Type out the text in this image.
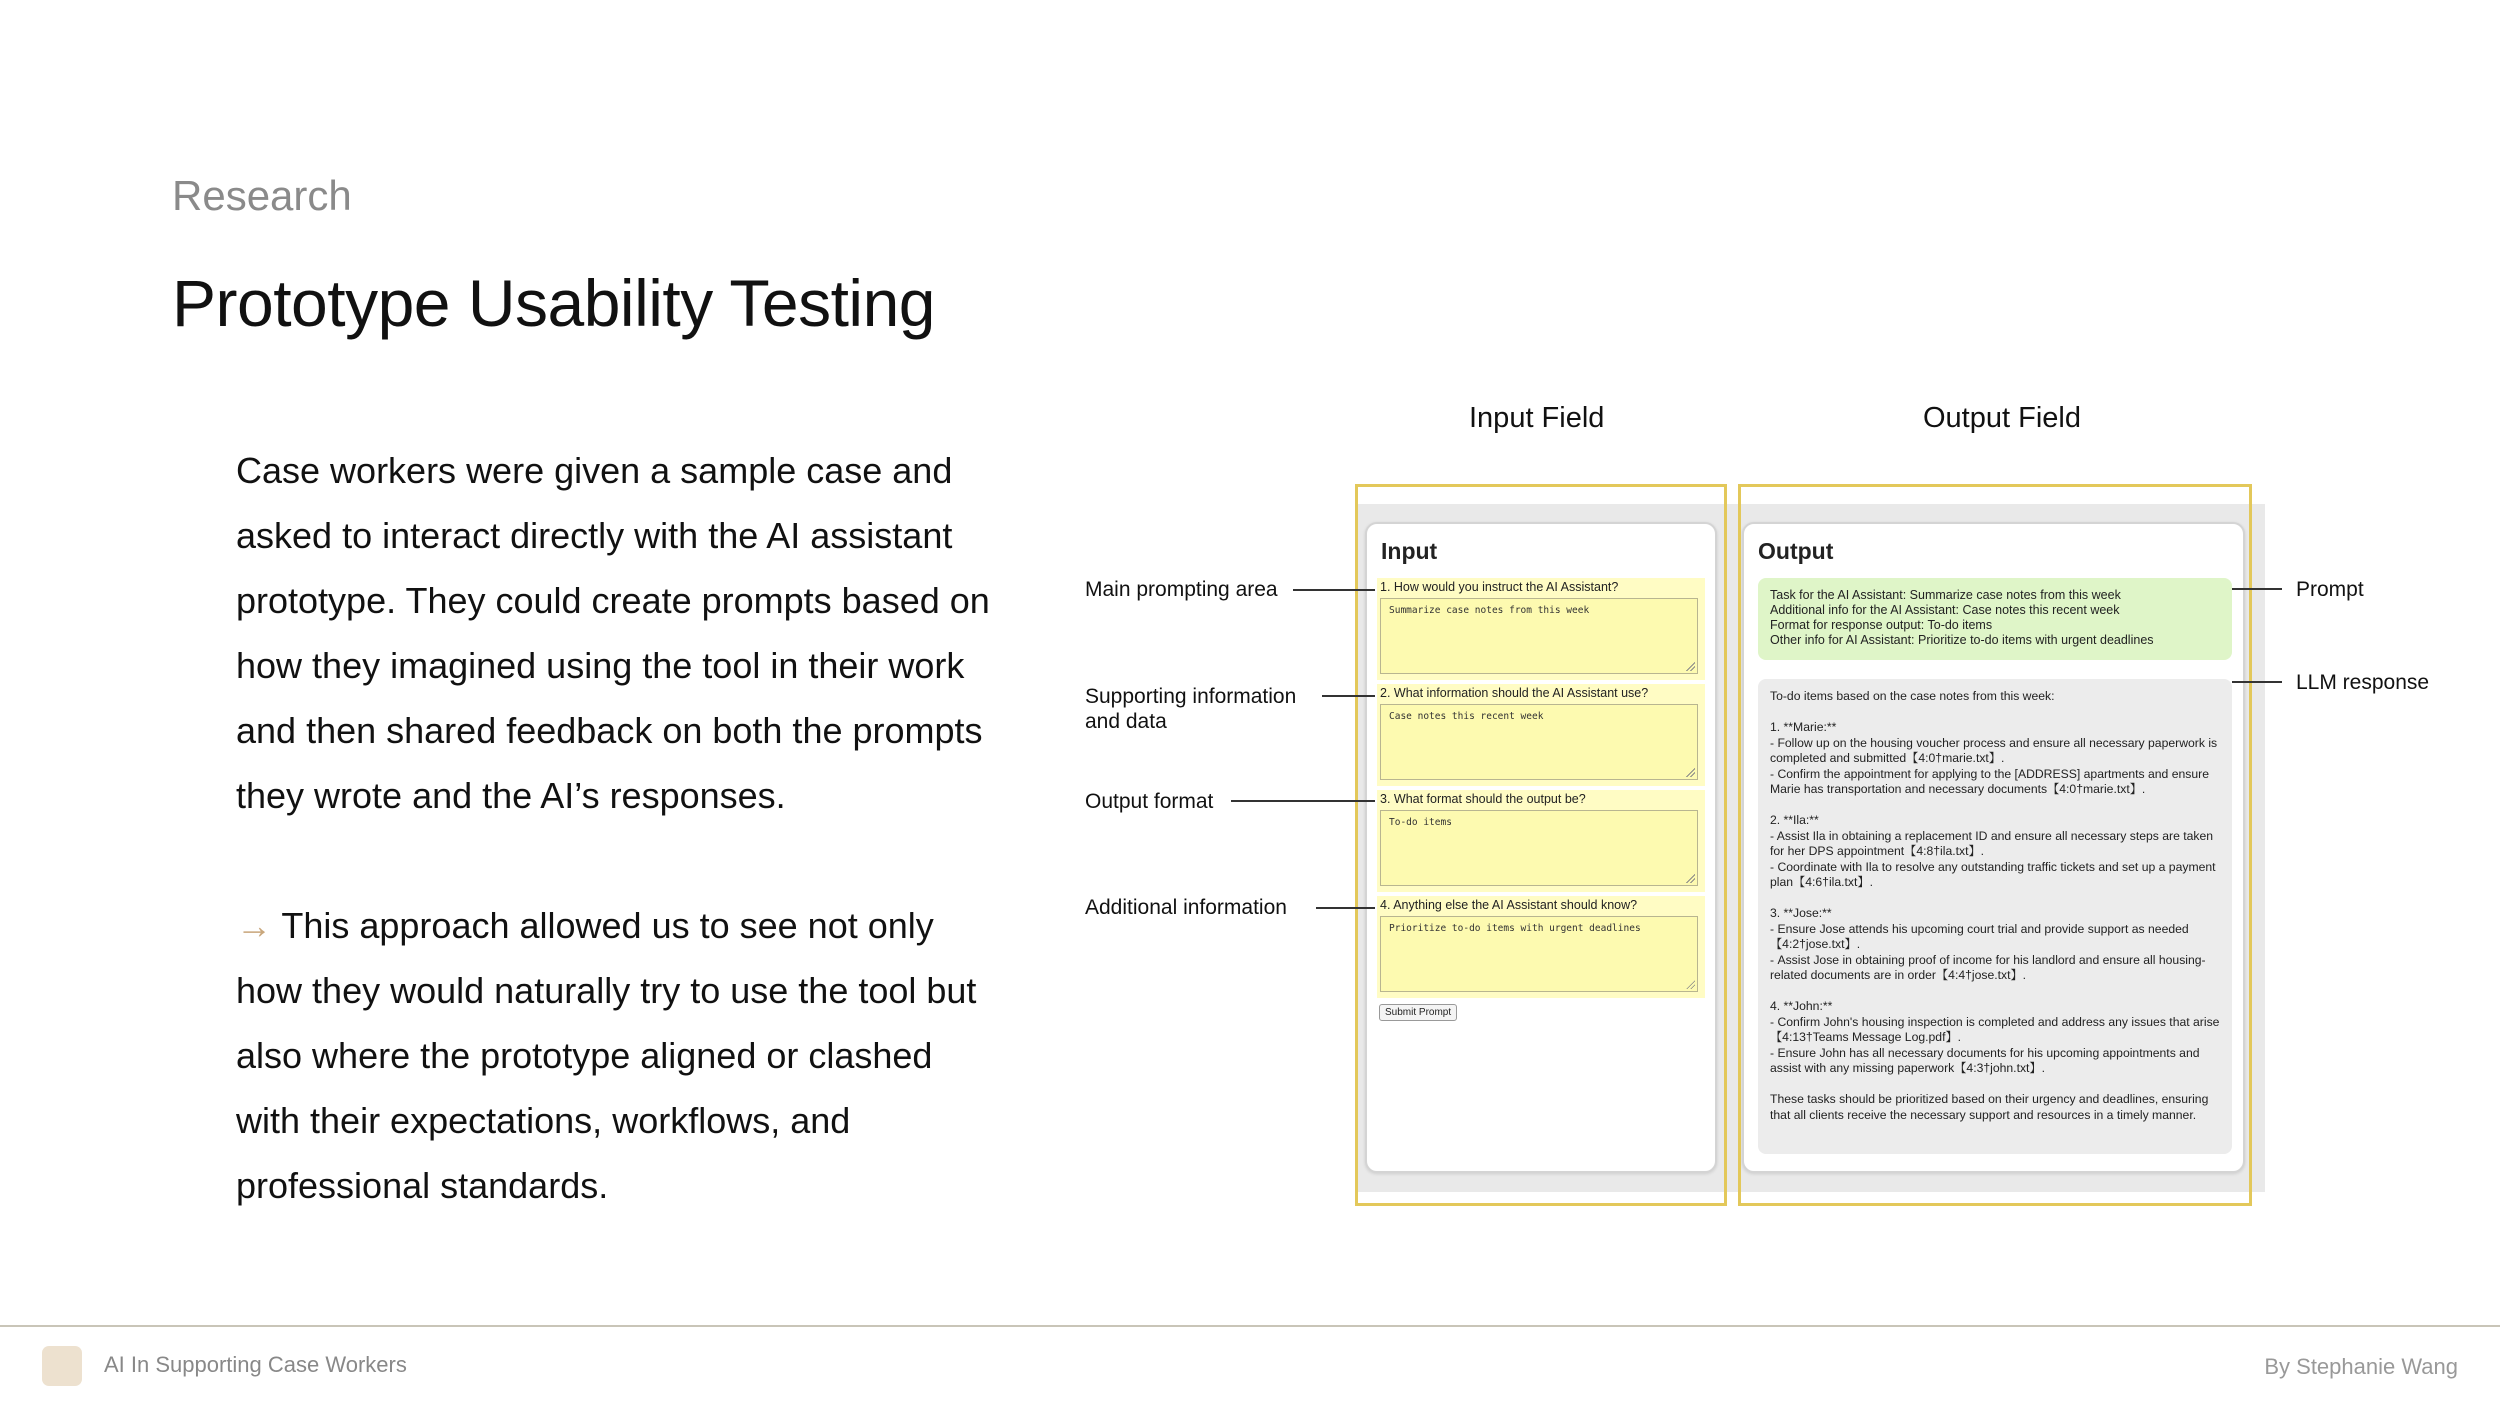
Research
Prototype Usability Testing

Case workers were given a sample case and asked to interact directly with the AI assistant prototype. They could create prompts based on how they imagined using the tool in their work and then shared feedback on both the prompts they wrote and the AI’s responses.

→ This approach allowed us to see not only how they would naturally try to use the tool but also where the prototype aligned or clashed with their expectations, workflows, and professional standards.

Input Field	Output Field
Input
1. How would you instruct the AI Assistant?
Summarize case notes from this week
2. What information should the AI Assistant use?
Case notes this recent week
3. What format should the output be?
To-do items
4. Anything else the AI Assistant should know?
Prioritize to-do items with urgent deadlines
Submit Prompt
Output
Task for the AI Assistant: Summarize case notes from this week
Additional info for the AI Assistant: Case notes this recent week
Format for response output: To-do items
Other info for AI Assistant: Prioritize to-do items with urgent deadlines
To-do items based on the case notes from this week:

1. **Marie:**
- Follow up on the housing voucher process and ensure all necessary paperwork is completed and submitted【4:0†marie.txt】.
- Confirm the appointment for applying to the [ADDRESS] apartments and ensure Marie has transportation and necessary documents【4:0†marie.txt】.

2. **Ila:**
- Assist Ila in obtaining a replacement ID and ensure all necessary steps are taken for her DPS appointment【4:8†ila.txt】.
- Coordinate with Ila to resolve any outstanding traffic tickets and set up a payment plan【4:6†ila.txt】.

3. **Jose:**
- Ensure Jose attends his upcoming court trial and provide support as needed【4:2†jose.txt】.
- Assist Jose in obtaining proof of income for his landlord and ensure all housing-related documents are in order【4:4†jose.txt】.

4. **John:**
- Confirm John's housing inspection is completed and address any issues that arise【4:13†Teams Message Log.pdf】.
- Ensure John has all necessary documents for his upcoming appointments and assist with any missing paperwork【4:3†john.txt】.

These tasks should be prioritized based on their urgency and deadlines, ensuring that all clients receive the necessary support and resources in a timely manner.
Main prompting area
Supporting information and data
Output format
Additional information
Prompt
LLM response
AI In Supporting Case Workers	By Stephanie Wang
